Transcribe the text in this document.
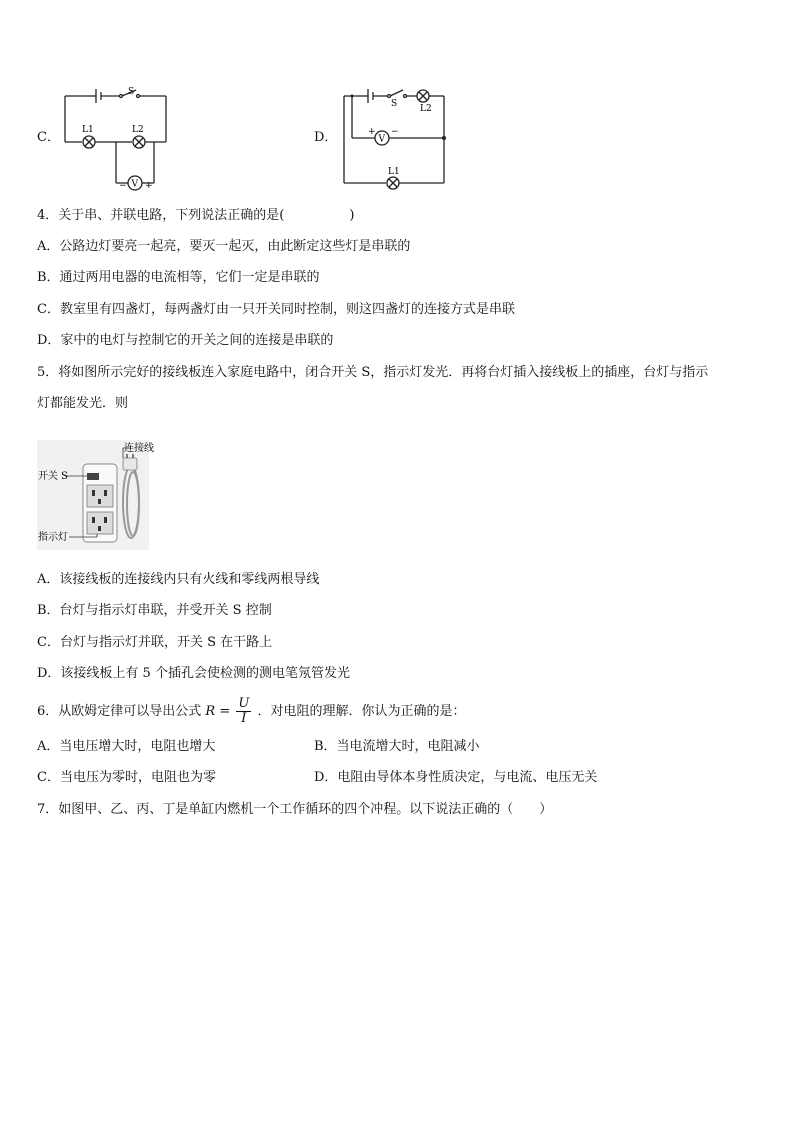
C．
S
L1	L2
V
− +
D．
S	L2
L1
V
+ −
4．关于串、并联电路，下列说法正确的是(　　　　　)
A．公路边灯要亮一起亮，要灭一起灭，由此断定这些灯是串联的
B．通过两用电器的电流相等，它们一定是串联的
C．教室里有四盏灯，每两盏灯由一只开关同时控制，则这四盏灯的连接方式是串联
D．家中的电灯与控制它的开关之间的连接是串联的
5．将如图所示完好的接线板连入家庭电路中，闭合开关 S，指示灯发光．再将台灯插入接线板上的插座，台灯与指示
灯都能发光．则
连接线
开关 S
指示灯
A．该接线板的连接线内只有火线和零线两根导线
B．台灯与指示灯串联，并受开关 S 控制
C．台灯与指示灯并联，开关 S 在干路上
D．该接线板上有 5 个插孔会使检测的测电笔氖管发光
6．从欧姆定律可以导出公式 $R = \frac{U}{I}$ ．对电阻的理解．你认为正确的是：
A．当电压增大时，电阻也增大	B．当电流增大时，电阻减小
C．当电压为零时，电阻也为零	D．电阻由导体本身性质决定，与电流、电压无关
7．如图甲、乙、丙、丁是单缸内燃机一个工作循环的四个冲程。以下说法正确的（　　）
